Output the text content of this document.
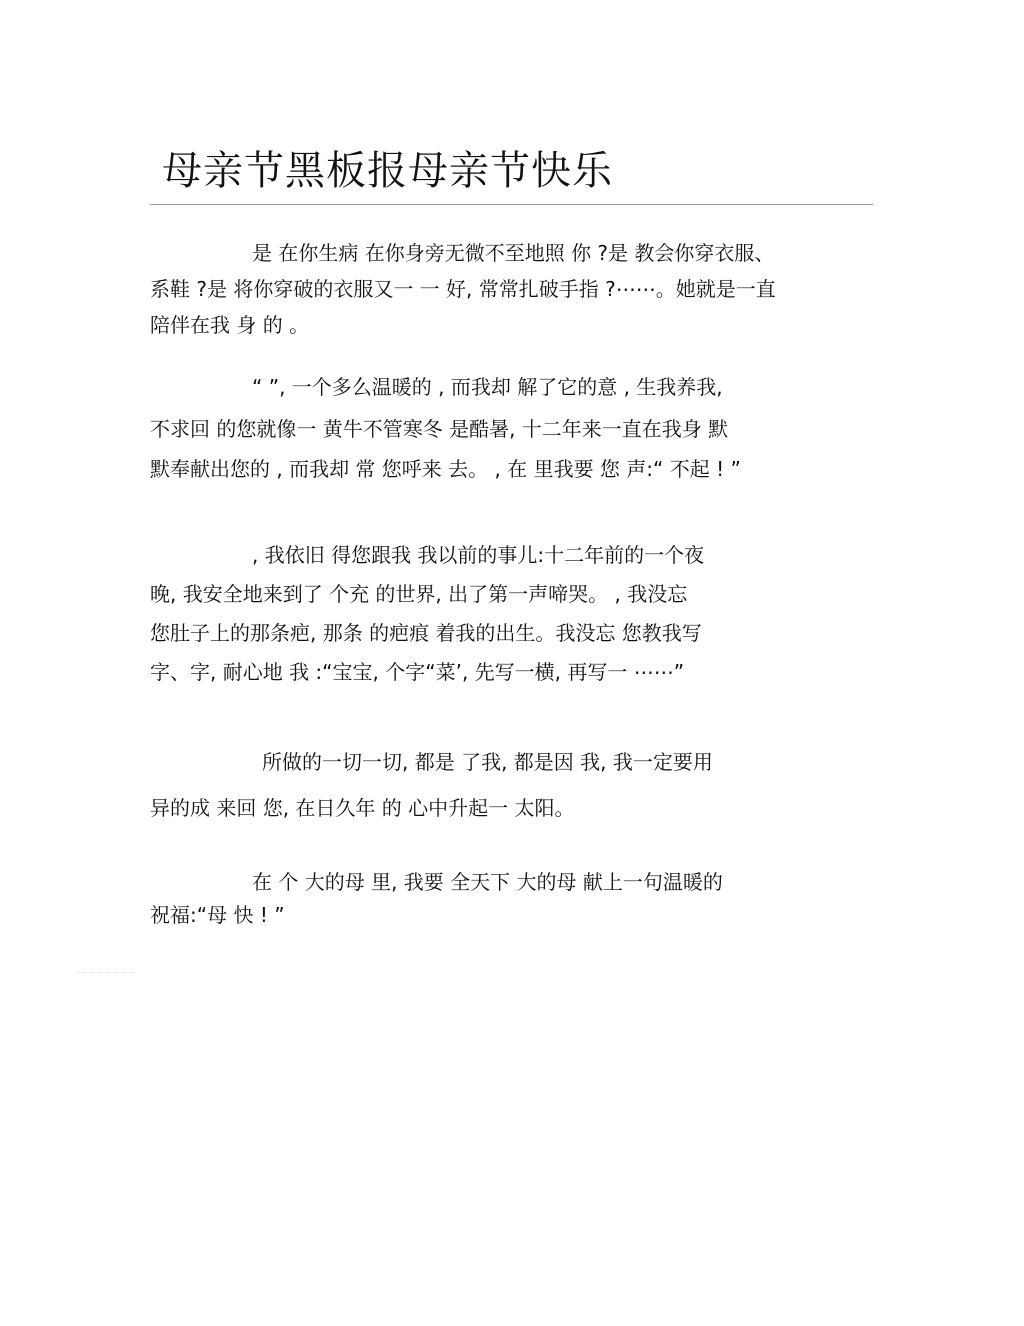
母亲节黑板报母亲节快乐
是 在你生病 在你身旁无微不至地照 你 ?是 教会你穿衣服、
系鞋 ?是 将你穿破的衣服又一 一 好, 常常扎破手指 ?⋯⋯。她就是一直
陪伴在我 身 的 。
“ ”, 一个多么温暖的 , 而我却 解了它的意 , 生我养我,
不求回 的您就像一 黄牛不管寒冬 是酷暑, 十二年来一直在我身 默
默奉献出您的 , 而我却 常 您呼来 去。 , 在 里我要 您 声:“ 不起 ! ”
, 我依旧 得您跟我 我以前的事儿:十二年前的一个夜
晚, 我安全地来到了 个充 的世界, 出了第一声啼哭。 , 我没忘
您肚子上的那条疤, 那条 的疤痕 着我的出生。我没忘 您教我写
字、字, 耐心地 我 :“宝宝, 个字“菜’, 先写一横, 再写一 ⋯⋯”
所做的一切一切, 都是 了我, 都是因 我, 我一定要用
异的成 来回 您, 在日久年 的 心中升起一 太阳。
在 个 大的母 里, 我要 全天下 大的母 献上一句温暖的
祝福:“母 快 ! ”
